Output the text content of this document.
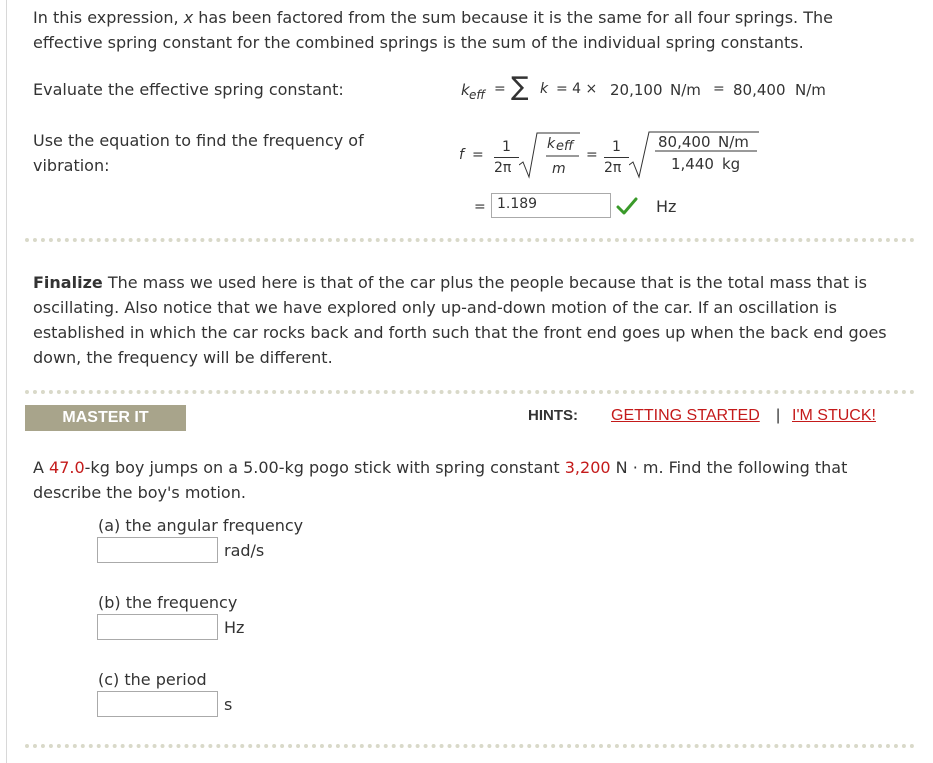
In this expression, x has been factored from the sum because it is the same for all four springs. The effective spring constant for the combined springs is the sum of the individual spring constants.

Evaluate the effective spring constant:	k eff = ∑ k = 4 × 20,100 N/m = 80,400 N/m

Use the equation to find the frequency of vibration:

f = 1
2π
k eff
m
= 1
2π
80,400 N/m
1,440 kg
= 1.189	Hz

Finalize The mass we used here is that of the car plus the people because that is the total mass that is oscillating. Also notice that we have explored only up-and-down motion of the car. If an oscillation is established in which the car rocks back and forth such that the front end goes up when the back end goes down, the frequency will be different.

MASTER IT	HINTS: GETTING STARTED | I'M STUCK!

A 47.0-kg boy jumps on a 5.00-kg pogo stick with spring constant 3,200 N · m. Find the following that describe the boy's motion.

(a) the angular frequency
rad/s
(b) the frequency
Hz
(c) the period
s
